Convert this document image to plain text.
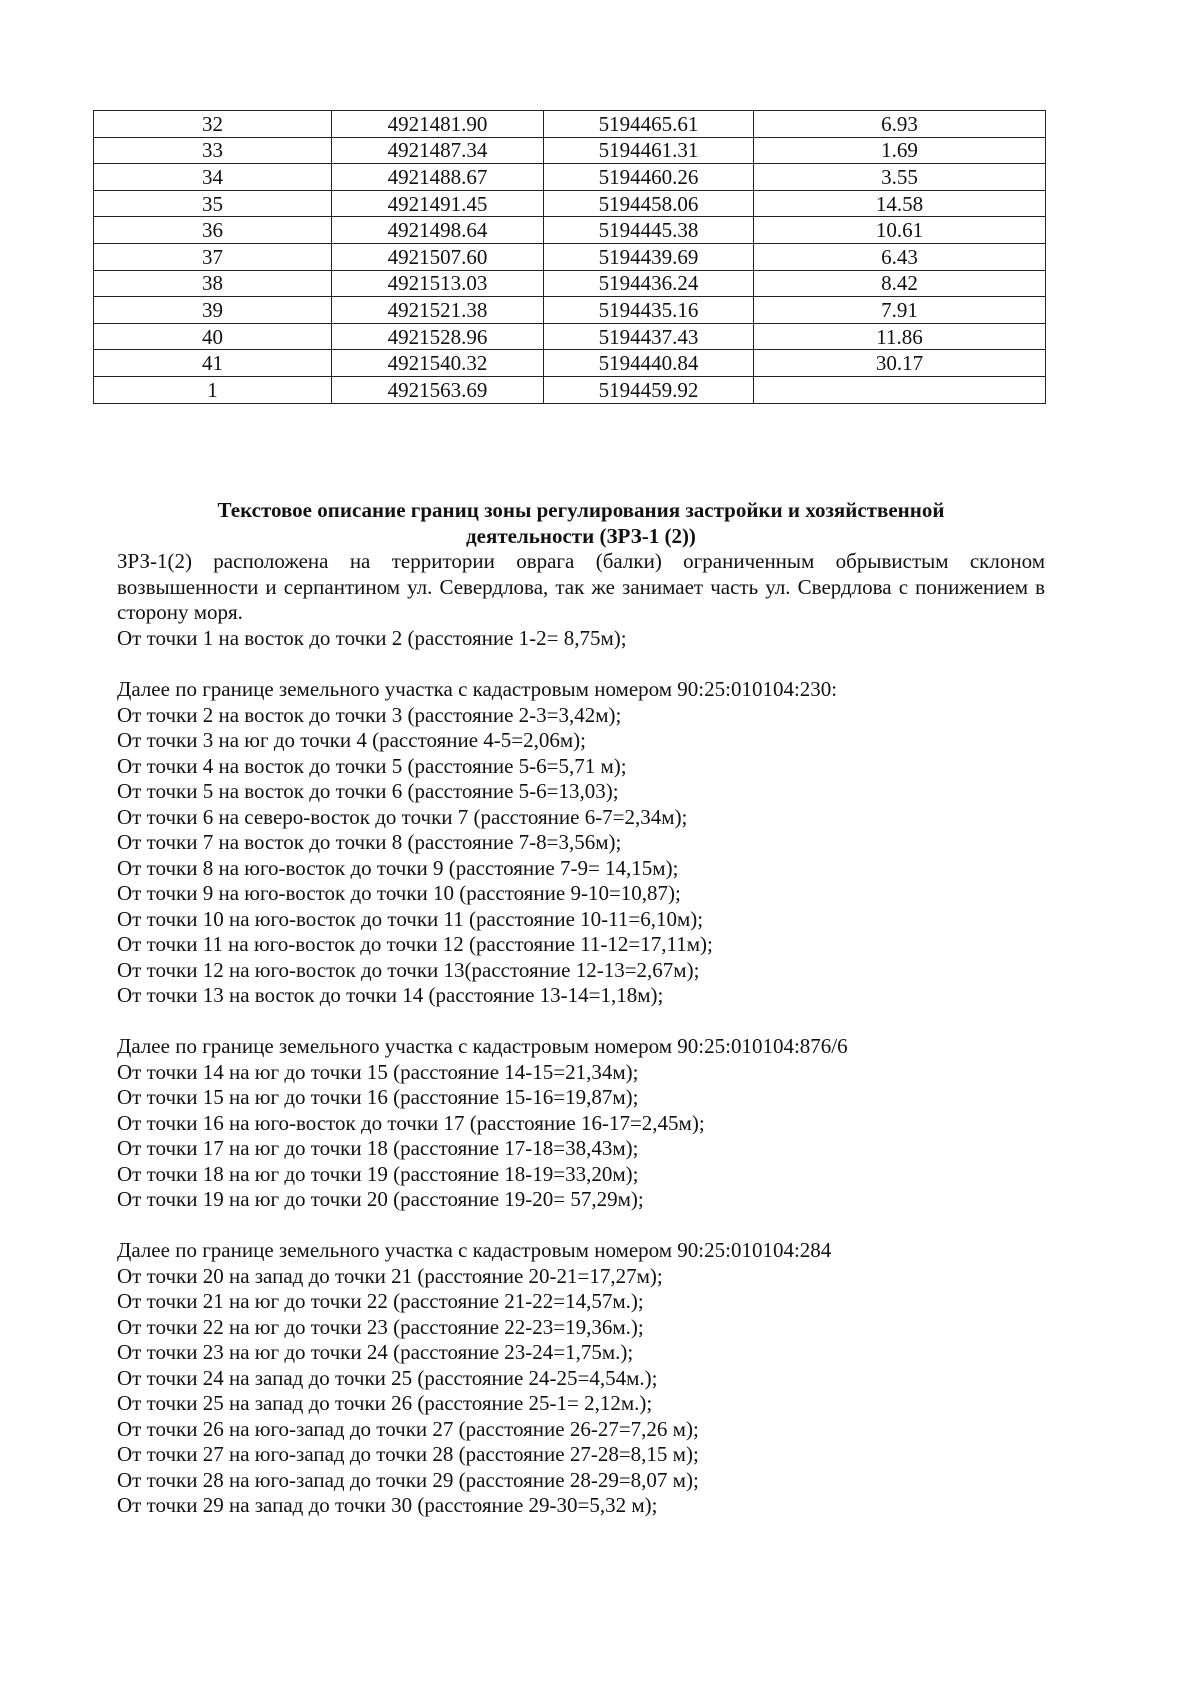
32	4921481.90	5194465.61	6.93
33	4921487.34	5194461.31	1.69
34	4921488.67	5194460.26	3.55
35	4921491.45	5194458.06	14.58
36	4921498.64	5194445.38	10.61
37	4921507.60	5194439.69	6.43
38	4921513.03	5194436.24	8.42
39	4921521.38	5194435.16	7.91
40	4921528.96	5194437.43	11.86
41	4921540.32	5194440.84	30.17
1	4921563.69	5194459.92	
Текстовое описание границ зоны регулирования застройки и хозяйственной
деятельности (ЗРЗ-1 (2))

ЗРЗ-1(2) расположена на территории оврага (балки) ограниченным обрывистым склоном возвышенности и серпантином ул. Севердлова, так же занимает часть ул. Свердлова с понижением в сторону моря.

От точки 1 на восток до точки 2 (расстояние 1-2= 8,75м);
Далее по границе земельного участка с кадастровым номером 90:25:010104:230:
От точки 2 на восток до точки 3 (расстояние 2-3=3,42м);
От точки 3 на юг до точки 4 (расстояние 4-5=2,06м);
От точки 4 на восток до точки 5 (расстояние 5-6=5,71 м);
От точки 5 на восток до точки 6 (расстояние 5-6=13,03);
От точки 6 на северо-восток до точки 7 (расстояние 6-7=2,34м);
От точки 7 на восток до точки 8 (расстояние 7-8=3,56м);
От точки 8 на юго-восток до точки 9 (расстояние 7-9= 14,15м);
От точки 9 на юго-восток до точки 10 (расстояние 9-10=10,87);
От точки 10 на юго-восток до точки 11 (расстояние 10-11=6,10м);
От точки 11 на юго-восток до точки 12 (расстояние 11-12=17,11м);
От точки 12 на юго-восток до точки 13(расстояние 12-13=2,67м);
От точки 13 на восток до точки 14 (расстояние 13-14=1,18м);
Далее по границе земельного участка с кадастровым номером 90:25:010104:876/6
От точки 14 на юг до точки 15 (расстояние 14-15=21,34м);
От точки 15 на юг до точки 16 (расстояние 15-16=19,87м);
От точки 16 на юго-восток до точки 17 (расстояние 16-17=2,45м);
От точки 17 на юг до точки 18 (расстояние 17-18=38,43м);
От точки 18 на юг до точки 19 (расстояние 18-19=33,20м);
От точки 19 на юг до точки 20 (расстояние 19-20= 57,29м);
Далее по границе земельного участка с кадастровым номером 90:25:010104:284
От точки 20 на запад до точки 21 (расстояние 20-21=17,27м);
От точки 21 на юг до точки 22 (расстояние 21-22=14,57м.);
От точки 22 на юг до точки 23 (расстояние 22-23=19,36м.);
От точки 23 на юг до точки 24 (расстояние 23-24=1,75м.);
От точки 24 на запад до точки 25 (расстояние 24-25=4,54м.);
От точки 25 на запад до точки 26 (расстояние 25-1= 2,12м.);
От точки 26 на юго-запад до точки 27 (расстояние 26-27=7,26 м);
От точки 27 на юго-запад до точки 28 (расстояние 27-28=8,15 м);
От точки 28 на юго-запад до точки 29 (расстояние 28-29=8,07 м);
От точки 29 на запад до точки 30 (расстояние 29-30=5,32 м);
